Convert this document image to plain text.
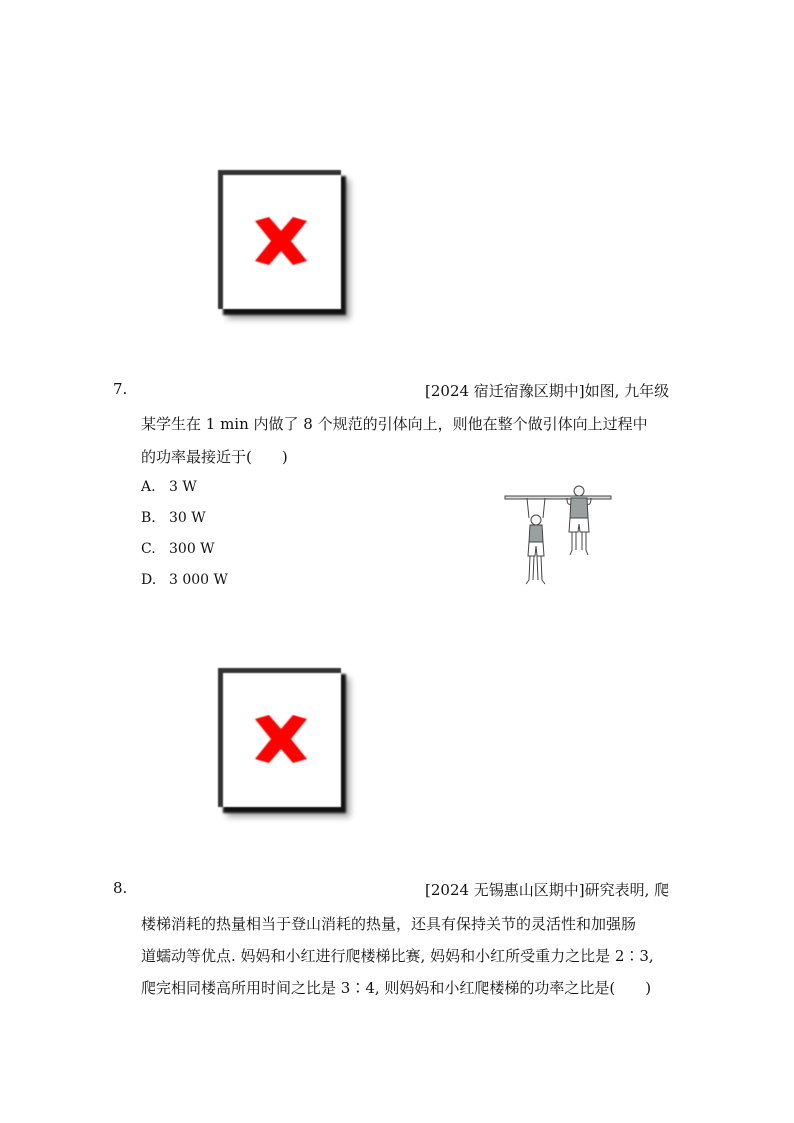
7.	[2024 宿迁宿豫区期中]如图, 九年级
某学生在 1 min 内做了 8 个规范的引体向上，则他在整个做引体向上过程中
的功率最接近于(　　)
A. 3 W
B. 30 W
C. 300 W
D. 3 000 W
8.	[2024 无锡惠山区期中]研究表明, 爬
楼梯消耗的热量相当于登山消耗的热量，还具有保持关节的灵活性和加强肠
道蠕动等优点. 妈妈和小红进行爬楼梯比赛, 妈妈和小红所受重力之比是 2∶3,
爬完相同楼高所用时间之比是 3∶4, 则妈妈和小红爬楼梯的功率之比是(　　)
